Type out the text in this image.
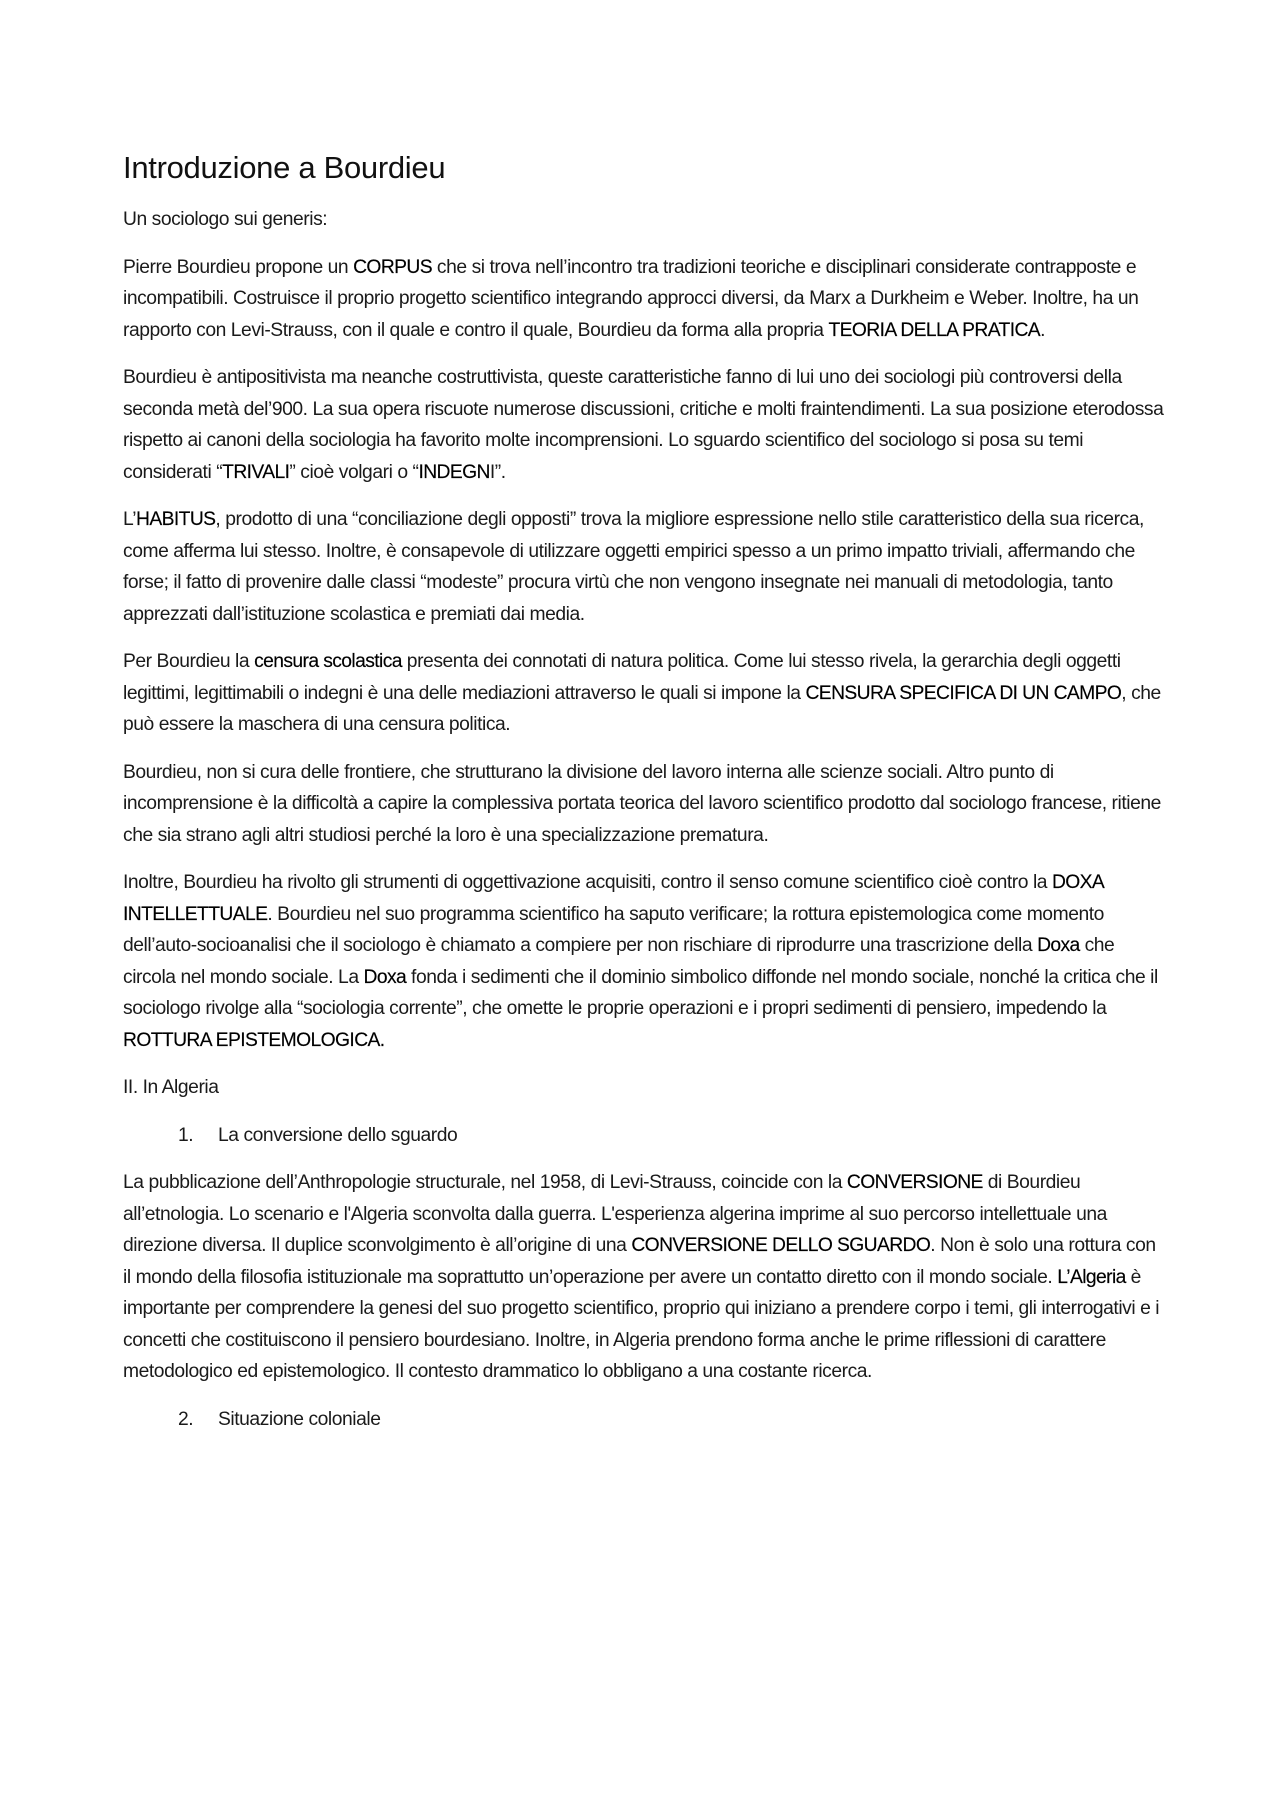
Introduzione a Bourdieu

Un sociologo sui generis:

Pierre Bourdieu propone un CORPUS che si trova nell’incontro tra tradizioni teoriche e disciplinari considerate contrapposte e incompatibili. Costruisce il proprio progetto scientifico integrando approcci diversi, da Marx a Durkheim e Weber. Inoltre, ha un rapporto con Levi-Strauss, con il quale e contro il quale, Bourdieu da forma alla propria TEORIA DELLA PRATICA.

Bourdieu è antipositivista ma neanche costruttivista, queste caratteristiche fanno di lui uno dei sociologi più controversi della seconda metà del’900. La sua opera riscuote numerose discussioni, critiche e molti fraintendimenti. La sua posizione eterodossa rispetto ai canoni della sociologia ha favorito molte incomprensioni. Lo sguardo scientifico del sociologo si posa su temi considerati “TRIVALI” cioè volgari o “INDEGNI”.

L’HABITUS, prodotto di una “conciliazione degli opposti” trova la migliore espressione nello stile caratteristico della sua ricerca, come afferma lui stesso. Inoltre, è consapevole di utilizzare oggetti empirici spesso a un primo impatto triviali, affermando che forse; il fatto di provenire dalle classi “modeste” procura virtù che non vengono insegnate nei manuali di metodologia, tanto apprezzati dall’istituzione scolastica e premiati dai media.

Per Bourdieu la censura scolastica presenta dei connotati di natura politica. Come lui stesso rivela, la gerarchia degli oggetti legittimi, legittimabili o indegni è una delle mediazioni attraverso le quali si impone la CENSURA SPECIFICA DI UN CAMPO, che può essere la maschera di una censura politica.

Bourdieu, non si cura delle frontiere, che strutturano la divisione del lavoro interna alle scienze sociali. Altro punto di incomprensione è la difficoltà a capire la complessiva portata teorica del lavoro scientifico prodotto dal sociologo francese, ritiene che sia strano agli altri studiosi perché la loro è una specializzazione prematura.

Inoltre, Bourdieu ha rivolto gli strumenti di oggettivazione acquisiti, contro il senso comune scientifico cioè contro la DOXA INTELLETTUALE. Bourdieu nel suo programma scientifico ha saputo verificare; la rottura epistemologica come momento dell’auto-socioanalisi che il sociologo è chiamato a compiere per non rischiare di riprodurre una trascrizione della Doxa che circola nel mondo sociale. La Doxa fonda i sedimenti che il dominio simbolico diffonde nel mondo sociale, nonché la critica che il sociologo rivolge alla “sociologia corrente”, che omette le proprie operazioni e i propri sedimenti di pensiero, impedendo la ROTTURA EPISTEMOLOGICA.

II. In Algeria

1. La conversione dello sguardo

La pubblicazione dell’Anthropologie structurale, nel 1958, di Levi-Strauss, coincide con la CONVERSIONE di Bourdieu all’etnologia. Lo scenario e l'Algeria sconvolta dalla guerra. L'esperienza algerina imprime al suo percorso intellettuale una direzione diversa. Il duplice sconvolgimento è all’origine di una CONVERSIONE DELLO SGUARDO. Non è solo una rottura con il mondo della filosofia istituzionale ma soprattutto un’operazione per avere un contatto diretto con il mondo sociale. L’Algeria è importante per comprendere la genesi del suo progetto scientifico, proprio qui iniziano a prendere corpo i temi, gli interrogativi e i concetti che costituiscono il pensiero bourdesiano. Inoltre, in Algeria prendono forma anche le prime riflessioni di carattere metodologico ed epistemologico. Il contesto drammatico lo obbligano a una costante ricerca.

2. Situazione coloniale
